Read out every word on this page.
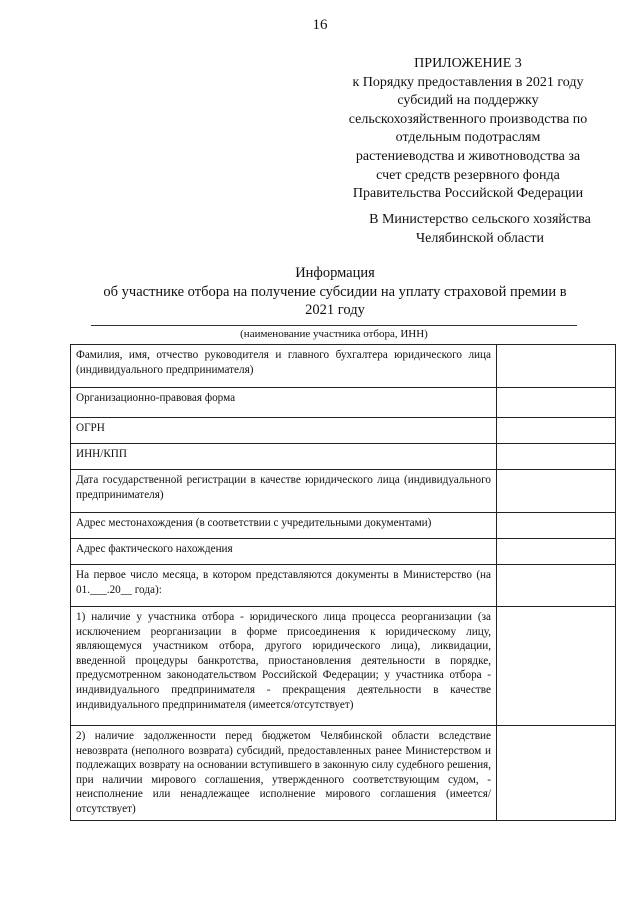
16
ПРИЛОЖЕНИЕ 3
к Порядку предоставления в 2021 году
субсидий на поддержку
сельскохозяйственного производства по
отдельным подотраслям
растениеводства и животноводства за
счет средств резервного фонда
Правительства Российской Федерации
В Министерство сельского хозяйства
Челябинской области
Информация
об участнике отбора на получение субсидии на уплату страховой премии в
2021 году
(наименование участника отбора, ИНН)
Фамилия, имя, отчество руководителя и главного бухгалтера юридического лица (индивидуального предпринимателя)	
Организационно-правовая форма	
ОГРН	
ИНН/КПП	
Дата государственной регистрации в качестве юридического лица (индивидуального предпринимателя)	
Адрес местонахождения (в соответствии с учредительными документами)	
Адрес фактического нахождения	
На первое число месяца, в котором представляются документы в Министерство (на 01.___.20__ года):	
1) наличие у участника отбора - юридического лица процесса реорганизации (за исключением реорганизации в форме присоединения к юридическому лицу, являющемуся участником отбора, другого юридического лица), ликвидации, введенной процедуры банкротства, приостановления деятельности в порядке, предусмотренном законодательством Российской Федерации; у участника отбора - индивидуального предпринимателя - прекращения деятельности в качестве индивидуального предпринимателя (имеется/отсутствует)	
2) наличие задолженности перед бюджетом Челябинской области вследствие невозврата (неполного возврата) субсидий, предоставленных ранее Министерством и подлежащих возврату на основании вступившего в законную силу судебного решения, при наличии мирового соглашения, утвержденного соответствующим судом, - неисполнение или ненадлежащее исполнение мирового соглашения (имеется/отсутствует)	
